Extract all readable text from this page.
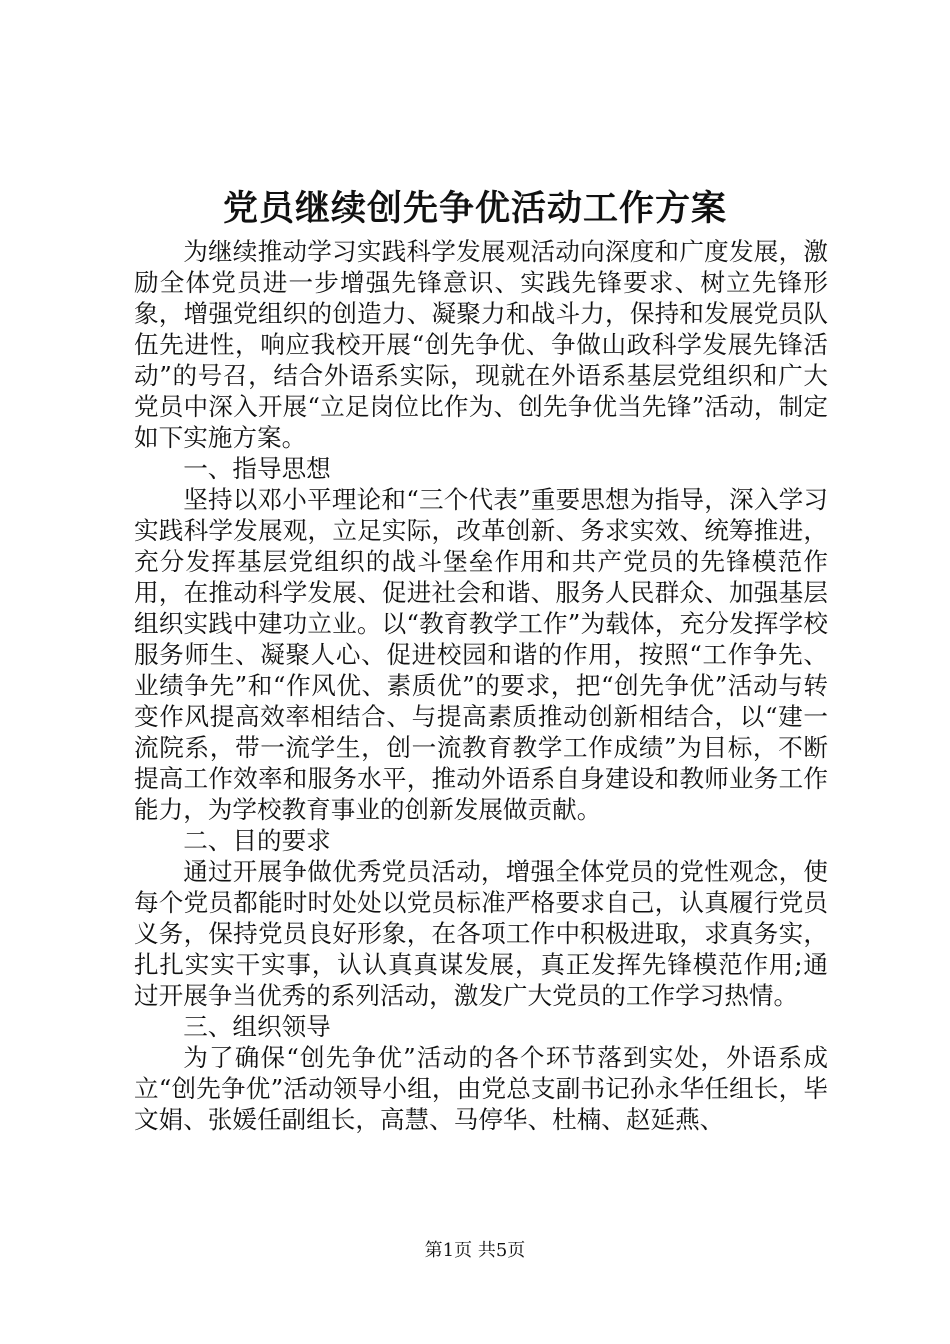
党员继续创先争优活动工作方案

为继续推动学习实践科学发展观活动向深度和广度发展，激励全体党员进一步增强先锋意识、实践先锋要求、树立先锋形象，增强党组织的创造力、凝聚力和战斗力，保持和发展党员队伍先进性，响应我校开展“创先争优、争做山政科学发展先锋活动”的号召，结合外语系实际，现就在外语系基层党组织和广大党员中深入开展“立足岗位比作为、创先争优当先锋”活动，制定如下实施方案。

一、指导思想

坚持以邓小平理论和“三个代表”重要思想为指导，深入学习实践科学发展观，立足实际，改革创新、务求实效、统筹推进，充分发挥基层党组织的战斗堡垒作用和共产党员的先锋模范作用，在推动科学发展、促进社会和谐、服务人民群众、加强基层组织实践中建功立业。以“教育教学工作”为载体，充分发挥学校服务师生、凝聚人心、促进校园和谐的作用，按照“工作争先、业绩争先”和“作风优、素质优”的要求，把“创先争优”活动与转变作风提高效率相结合、与提高素质推动创新相结合，以“建一流院系，带一流学生，创一流教育教学工作成绩”为目标，不断提高工作效率和服务水平，推动外语系自身建设和教师业务工作能力，为学校教育事业的创新发展做贡献。

二、目的要求

通过开展争做优秀党员活动，增强全体党员的党性观念，使每个党员都能时时处处以党员标准严格要求自己，认真履行党员义务，保持党员良好形象，在各项工作中积极进取，求真务实，扎扎实实干实事，认认真真谋发展，真正发挥先锋模范作用;通过开展争当优秀的系列活动，激发广大党员的工作学习热情。

三、组织领导

为了确保“创先争优”活动的各个环节落到实处，外语系成立“创先争优”活动领导小组，由党总支副书记孙永华任组长，毕文娟、张媛任副组长，高慧、马停华、杜楠、赵延燕、

第1页 共5页
